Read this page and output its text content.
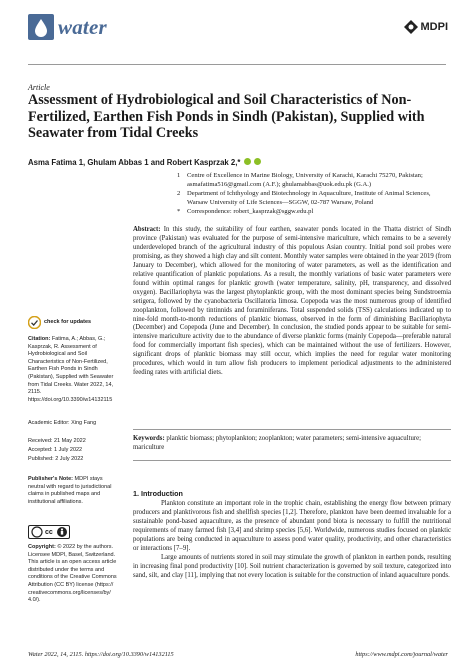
water	MDPI
Article
Assessment of Hydrobiological and Soil Characteristics of Non-Fertilized, Earthen Fish Ponds in Sindh (Pakistan), Supplied with Seawater from Tidal Creeks
Asma Fatima 1, Ghulam Abbas 1 and Robert Kasprzak 2,*
1 Centre of Excellence in Marine Biology, University of Karachi, Karachi 75270, Pakistan; asmafatima516@gmail.com (A.F.); ghulamabbas@uok.edu.pk (G.A.)
2 Department of Ichthyology and Biotechnology in Aquaculture, Institute of Animal Sciences, Warsaw University of Life Sciences—SGGW, 02-787 Warsaw, Poland
* Correspondence: robert_kasprzak@sggw.edu.pl
Abstract: In this study, the suitability of four earthen, seawater ponds located in the Thatta district of Sindh province (Pakistan) was evaluated for the purpose of semi-intensive mariculture, which remains to be a severely underdeveloped branch of the agricultural industry of this populous Asian country. Initial pond soil probes were promising, as they showed a high clay and silt content. Monthly water samples were obtained in the year 2019 (from January to December), which allowed for the monitoring of water parameters, as well as the identification and relative quantification of planktic populations. As a result, the monthly variations of basic water parameters were found within optimal ranges for planktic growth (water temperature, salinity, pH, transparency, and dissolved oxygen). Bacillariophyta was the largest phytoplanktic group, with the most dominant species being Sundstroemia setigera, followed by the cyanobacteria Oscillatoria limosa. Copepoda was the most numerous group of identified zooplankton, followed by tintinnids and foraminiferans. Total suspended solids (TSS) calculations indicated up to nine-fold month-to-month reductions of planktic biomass, observed in the form of diminishing Bacillariophyta (December) and Copepoda (June and December). In conclusion, the studied ponds appear to be suitable for semi-intensive mariculture activity due to the abundance of diverse planktic forms (mainly Copepoda—preferable natural food for commercially important fish species), which can be maintained without the use of fertilizers. However, significant drops of planktic biomass may still occur, which implies the need for regular water monitoring procedures, which would in turn allow fish producers to implement periodical adjustments to the administered feeding rates with artificial diets.
Keywords: planktic biomass; phytoplankton; zooplankton; water parameters; semi-intensive aquaculture; mariculture
1. Introduction
Plankton constitute an important role in the trophic chain, establishing the energy flow between primary producers and planktivorous fish and shellfish species [1,2]. Therefore, plankton have been deemed invaluable for a sustainable pond-based aquaculture, as the presence of abundant pond biota is necessary to fulfill the nutritional requirements of many farmed fish [3,4] and shrimp species [5,6]. Worldwide, numerous studies focused on planktic populations are being conducted in aquaculture to assess pond water quality, productivity, and other characteristics or interactions [7–9].
Large amounts of nutrients stored in soil may stimulate the growth of plankton in earthen ponds, resulting in increasing final pond productivity [10]. Soil nutrient characterization is governed by soil texture, categorized into sand, silt, and clay [11], implying that not every location is suitable for the construction of inland aquaculture ponds.
check for updates
Citation: Fatima, A.; Abbas, G.; Kasprzak, R. Assessment of Hydrobiological and Soil Characteristics of Non-Fertilized, Earthen Fish Ponds in Sindh (Pakistan), Supplied with Seawater from Tidal Creeks. Water 2022, 14, 2115. https://doi.org/10.3390/w14132115
Academic Editor: Xing Fang
Received: 21 May 2022
Accepted: 1 July 2022
Published: 2 July 2022
Publisher's Note: MDPI stays neutral with regard to jurisdictional claims in published maps and institutional affiliations.
cc
Copyright: © 2022 by the authors. Licensee MDPI, Basel, Switzerland. This article is an open access article distributed under the terms and conditions of the Creative Commons Attribution (CC BY) license (https:// creativecommons.org/licenses/by/ 4.0/).
Water 2022, 14, 2115. https://doi.org/10.3390/w14132115	https://www.mdpi.com/journal/water
